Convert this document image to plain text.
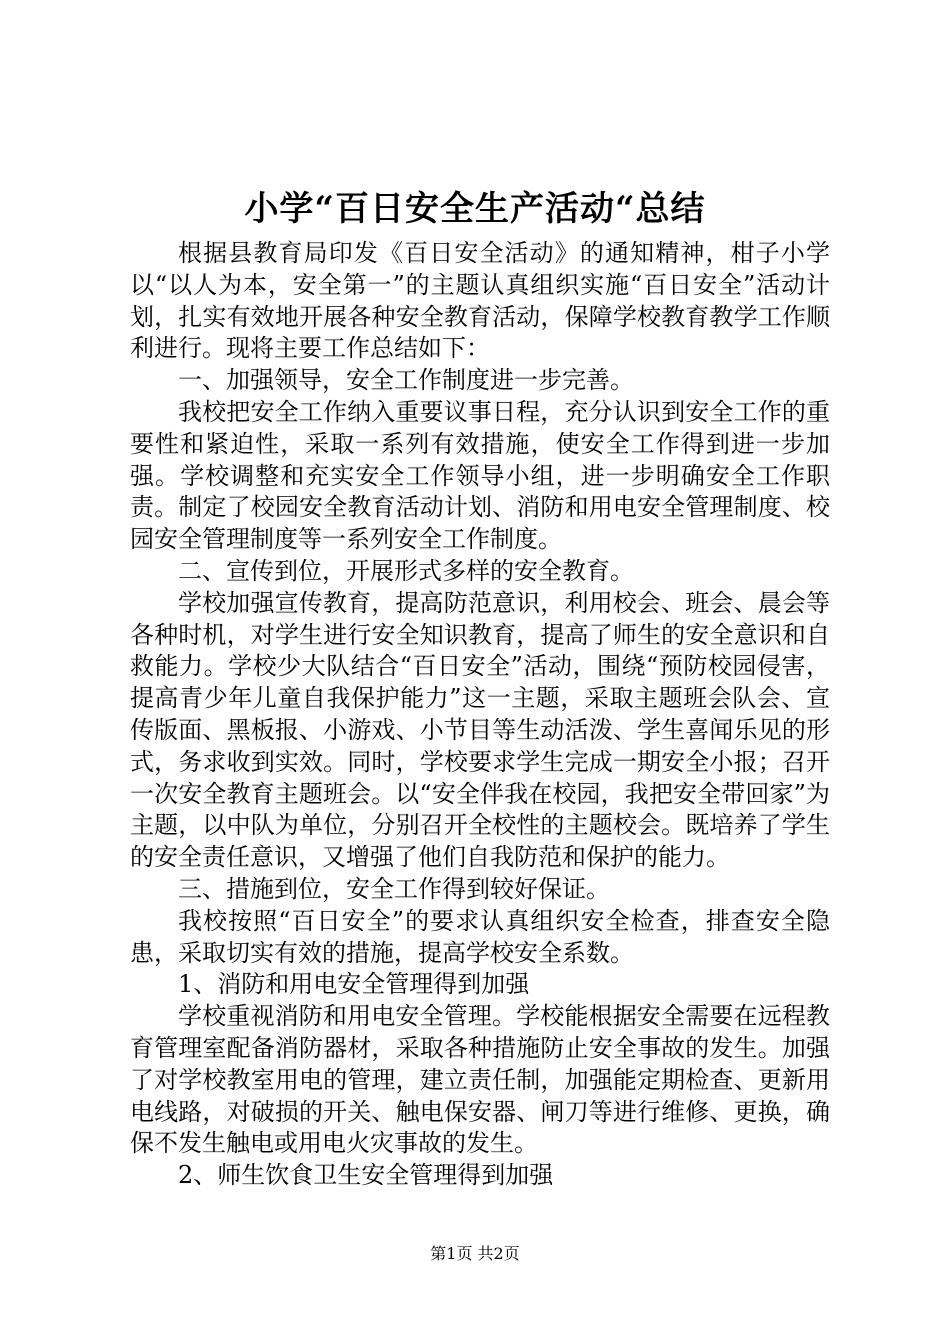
小学“百日安全生产活动“总结

根据县教育局印发《百日安全活动》的通知精神，柑子小学以“以人为本，安全第一”的主题认真组织实施“百日安全”活动计划，扎实有效地开展各种安全教育活动，保障学校教育教学工作顺利进行。现将主要工作总结如下：

一、加强领导，安全工作制度进一步完善。

我校把安全工作纳入重要议事日程，充分认识到安全工作的重要性和紧迫性，采取一系列有效措施，使安全工作得到进一步加强。学校调整和充实安全工作领导小组，进一步明确安全工作职责。制定了校园安全教育活动计划、消防和用电安全管理制度、校园安全管理制度等一系列安全工作制度。

二、宣传到位，开展形式多样的安全教育。

学校加强宣传教育，提高防范意识，利用校会、班会、晨会等各种时机，对学生进行安全知识教育，提高了师生的安全意识和自救能力。学校少大队结合“百日安全”活动，围绕“预防校园侵害，提高青少年儿童自我保护能力”这一主题，采取主题班会队会、宣传版面、黑板报、小游戏、小节目等生动活泼、学生喜闻乐见的形式，务求收到实效。同时，学校要求学生完成一期安全小报；召开一次安全教育主题班会。以“安全伴我在校园，我把安全带回家”为主题，以中队为单位，分别召开全校性的主题校会。既培养了学生的安全责任意识，又增强了他们自我防范和保护的能力。

三、措施到位，安全工作得到较好保证。

我校按照“百日安全”的要求认真组织安全检查，排查安全隐患，采取切实有效的措施，提高学校安全系数。

1、消防和用电安全管理得到加强

学校重视消防和用电安全管理。学校能根据安全需要在远程教育管理室配备消防器材，采取各种措施防止安全事故的发生。加强了对学校教室用电的管理，建立责任制，加强能定期检查、更新用电线路，对破损的开关、触电保安器、闸刀等进行维修、更换，确保不发生触电或用电火灾事故的发生。

2、师生饮食卫生安全管理得到加强

第1页 共2页
